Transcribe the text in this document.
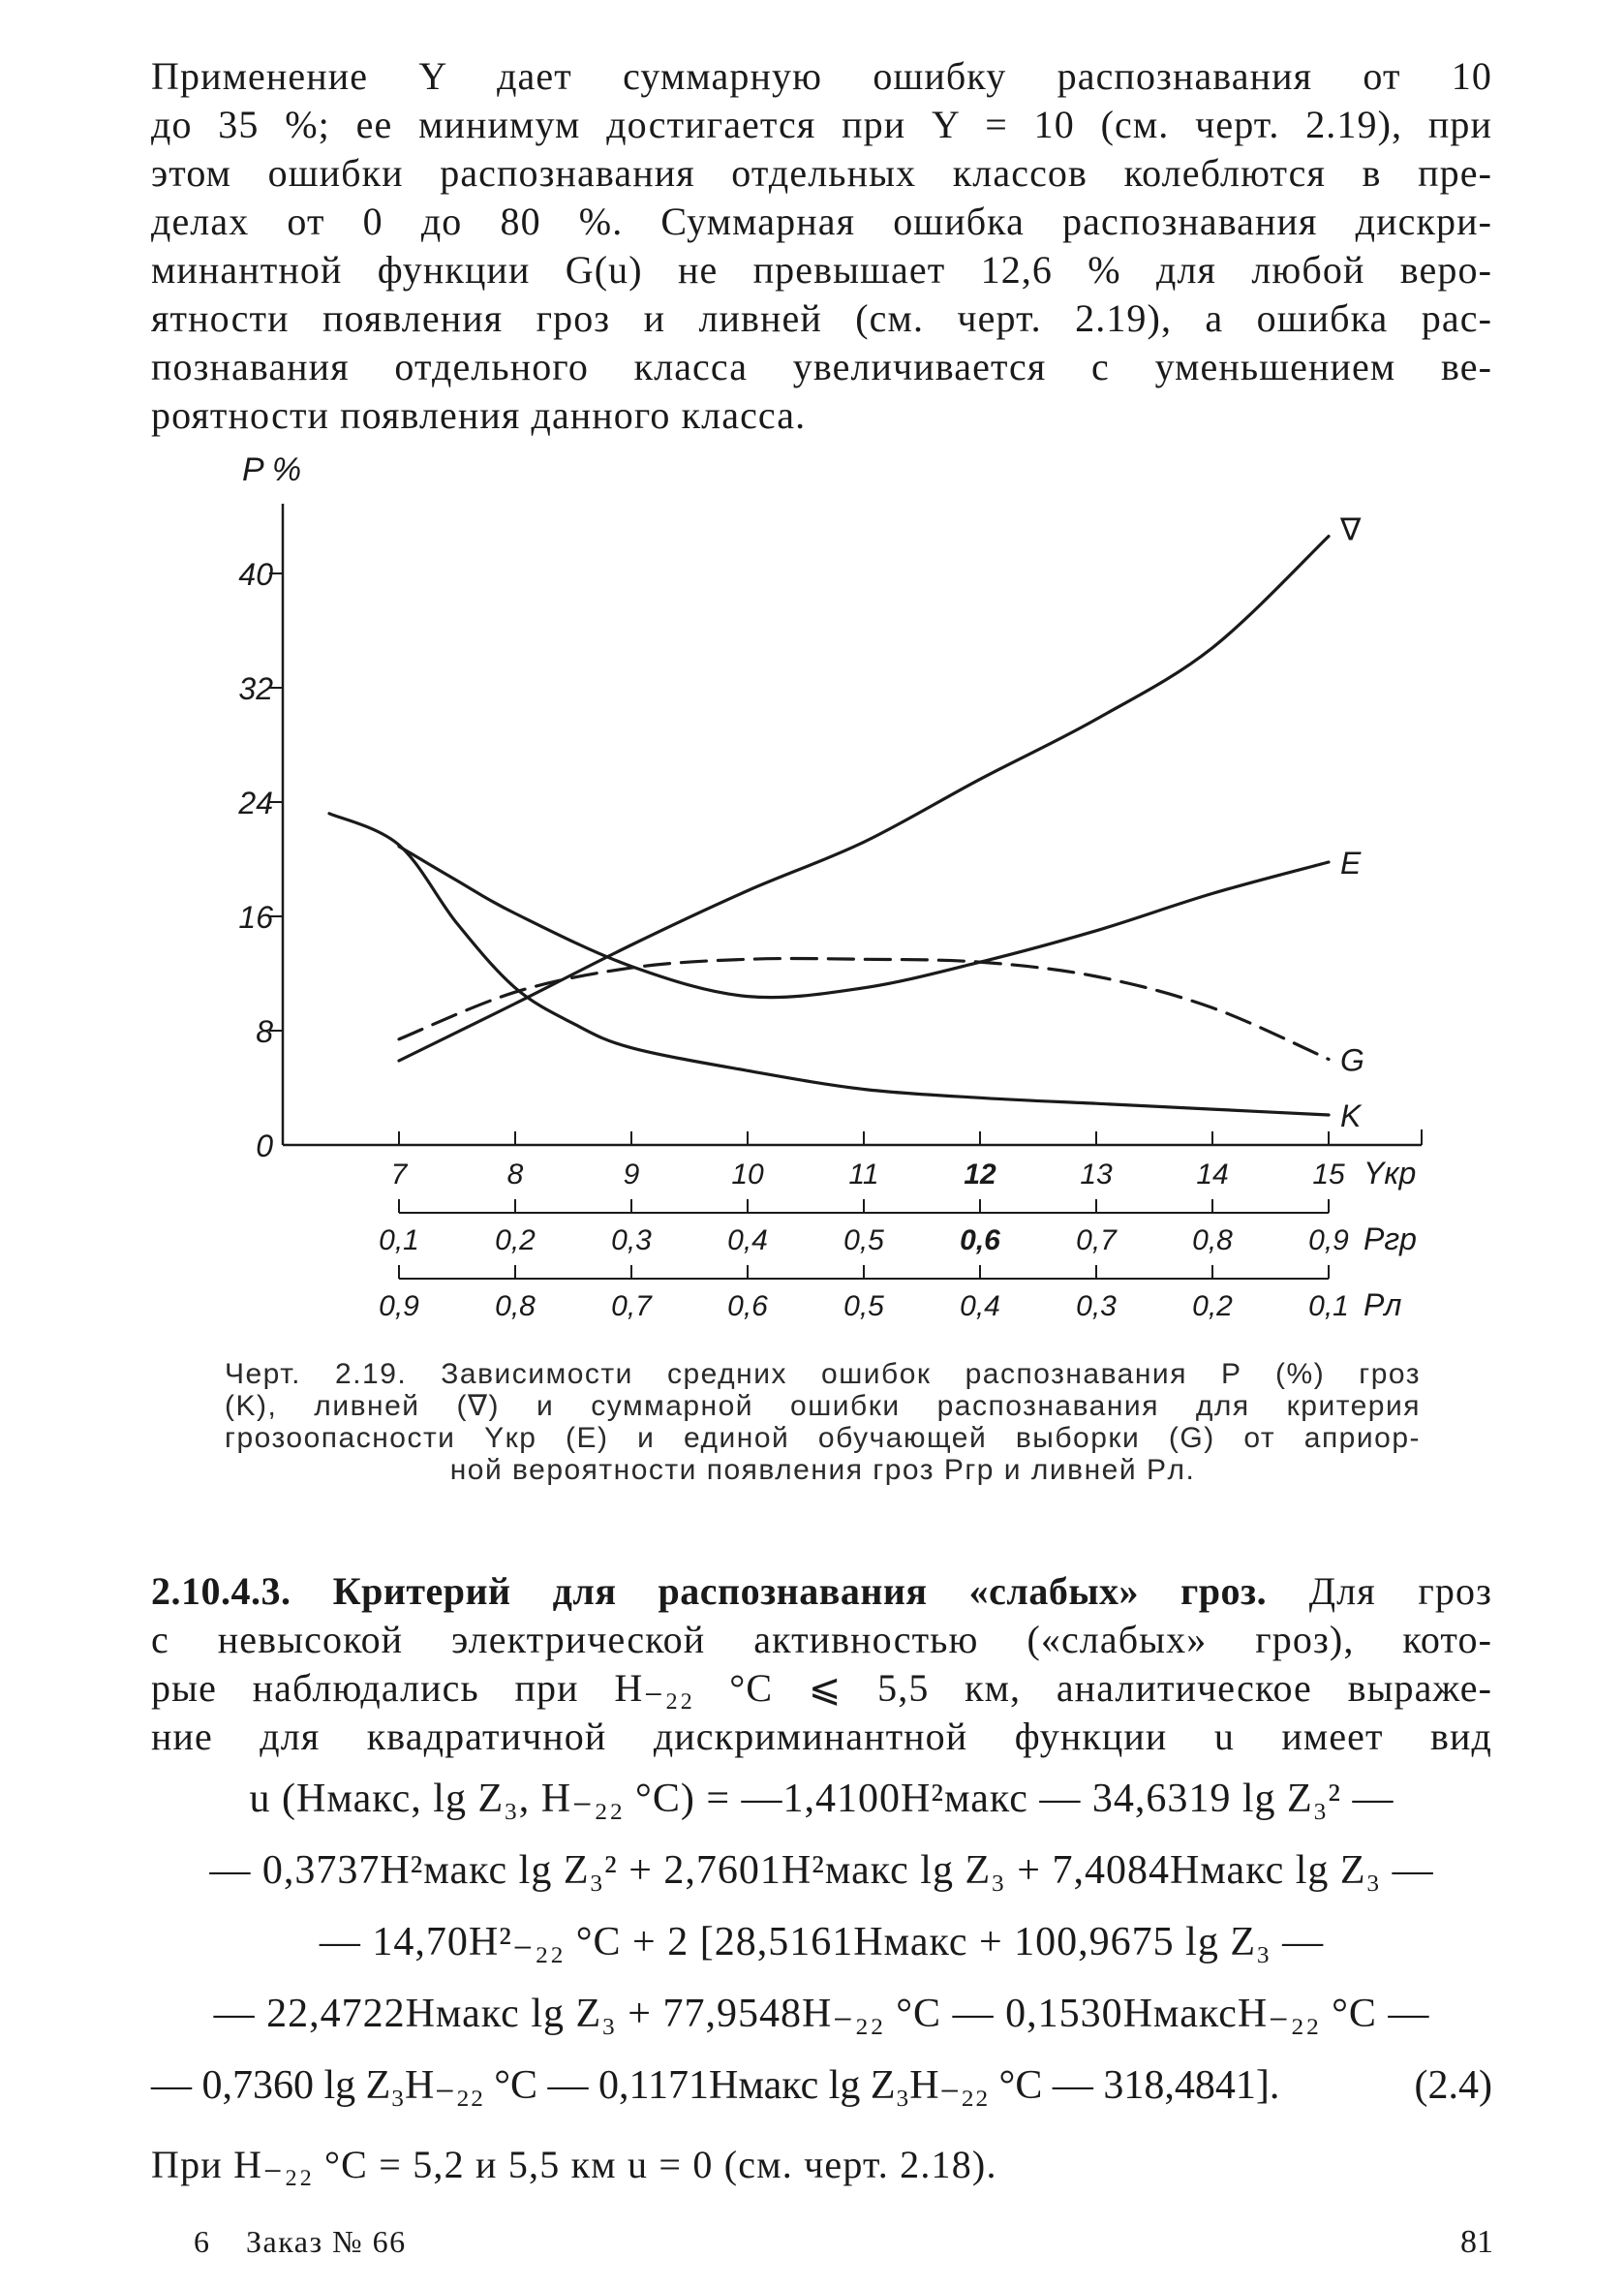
Применение Y дает суммарную ошибку распознавания от 10
до 35 %; ее минимум достигается при Y = 10 (см. черт. 2.19), при
этом ошибки распознавания отдельных классов колеблются в пре-
делах от 0 до 80 %. Суммарная ошибка распознавания дискри-
минантной функции G(u) не превышает 12,6 % для любой веро-
ятности появления гроз и ливней (см. черт. 2.19), а ошибка рас-
познавания отдельного класса увеличивается с уменьшением ве-
роятности появления данного класса.
P %
0
8
16
24
32
40
7	8	9	10	11	12	13	14	15 Yкр
0,1	0,2	0,3	0,4	0,5	0,6	0,7	0,8	0,9 Pгр
0,9	0,8	0,7	0,6	0,5	0,4	0,3	0,2	0,1 Pл
∇
E
G
K
Черт. 2.19. Зависимости средних ошибок распознавания P (%) гроз
(K), ливней (∇) и суммарной ошибки распознавания для критерия
грозоопасности Yкр (E) и единой обучающей выборки (G) от априор-
ной вероятности появления гроз Pгр и ливней Pл.
2.10.4.3. Критерий для распознавания «слабых» гроз. Для гроз
с невысокой электрической активностью («слабых» гроз), кото-
рые наблюдались при H₋₂₂ °C ⩽ 5,5 км, аналитическое выраже-
ние для квадратичной дискриминантной функции u имеет вид
u (Hмакс, lg Z₃, H₋₂₂ °C) = —1,4100H²макс — 34,6319 lg Z₃² —
— 0,3737H²макс lg Z₃² + 2,7601H²макс lg Z₃ + 7,4084Hмакс lg Z₃ —
— 14,70H²₋₂₂ °C + 2 [28,5161Hмакс + 100,9675 lg Z₃ —
— 22,4722Hмакс lg Z₃ + 77,9548H₋₂₂ °C — 0,1530HмаксH₋₂₂ °C —
— 0,7360 lg Z₃H₋₂₂ °C — 0,1171Hмакс lg Z₃H₋₂₂ °C — 318,4841].	(2.4)
При H₋₂₂ °C = 5,2 и 5,5 км u = 0 (см. черт. 2.18).
6 Заказ № 66	81
